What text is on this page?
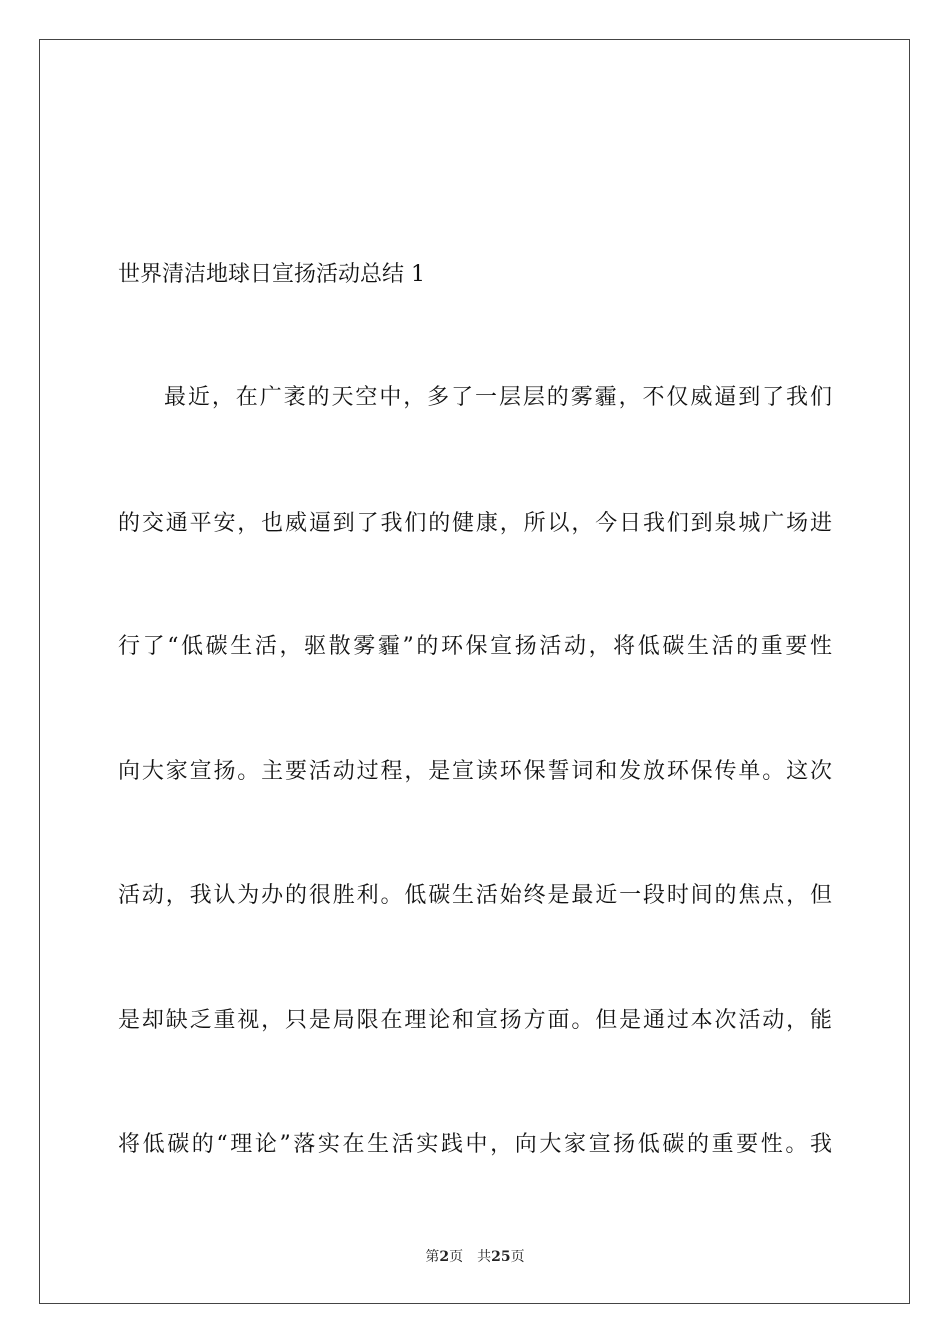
世界清洁地球日宣扬活动总结 1
最近，在广袤的天空中，多了一层层的雾霾，不仅威逼到了我们
的交通平安，也威逼到了我们的健康，所以，今日我们到泉城广场进
行了“低碳生活，驱散雾霾”的环保宣扬活动，将低碳生活的重要性
向大家宣扬。主要活动过程，是宣读环保誓词和发放环保传单。这次
活动，我认为办的很胜利。低碳生活始终是最近一段时间的焦点，但
是却缺乏重视，只是局限在理论和宣扬方面。但是通过本次活动，能
将低碳的“理论”落实在生活实践中，向大家宣扬低碳的重要性。我
第2页 共25页
